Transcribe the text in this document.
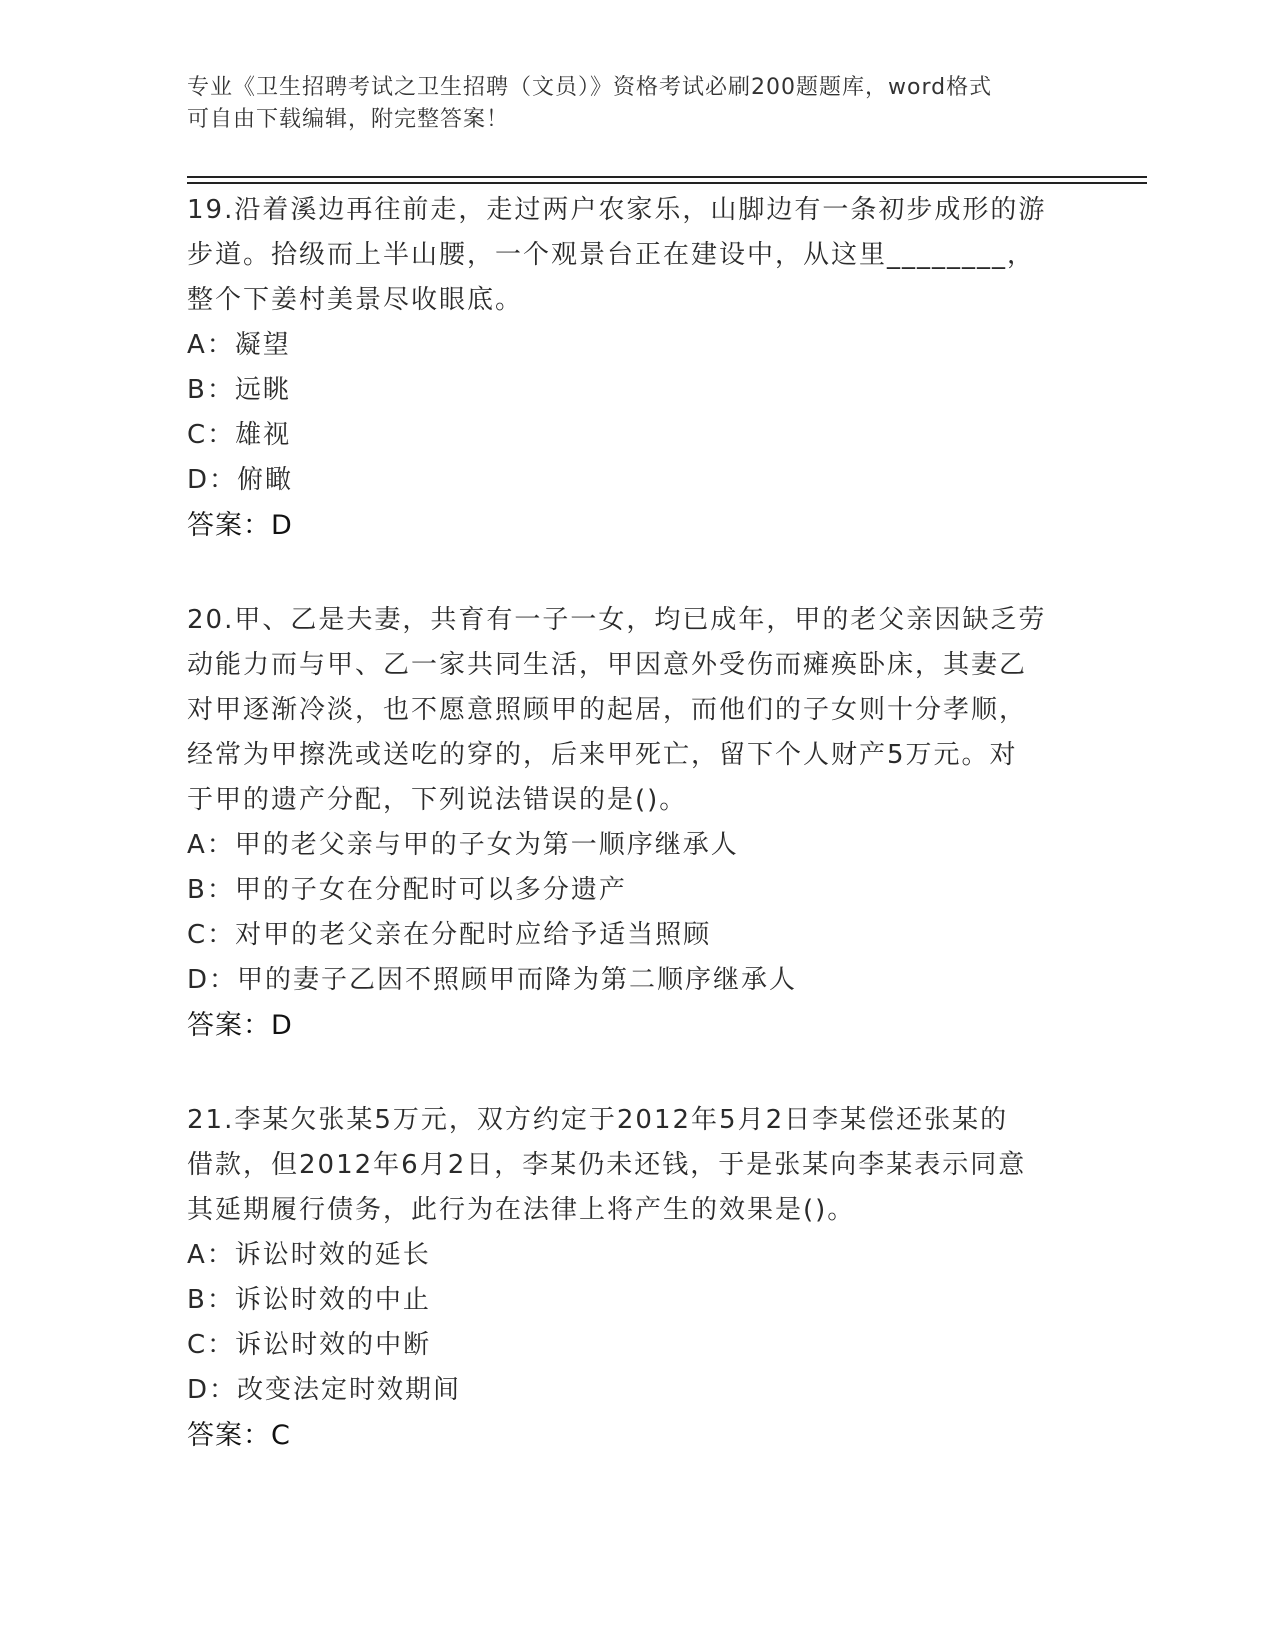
专业《卫生招聘考试之卫生招聘（文员）》资格考试必刷200题题库，word格式
可自由下载编辑，附完整答案！
19.沿着溪边再往前走，走过两户农家乐，山脚边有一条初步成形的游
步道。拾级而上半山腰，一个观景台正在建设中，从这里________，
整个下姜村美景尽收眼底。
A：凝望
B：远眺
C：雄视
D：俯瞰
答案：D
20.甲、乙是夫妻，共育有一子一女，均已成年，甲的老父亲因缺乏劳
动能力而与甲、乙一家共同生活，甲因意外受伤而瘫痪卧床，其妻乙
对甲逐渐冷淡，也不愿意照顾甲的起居，而他们的子女则十分孝顺，
经常为甲擦洗或送吃的穿的，后来甲死亡，留下个人财产5万元。对
于甲的遗产分配，下列说法错误的是()。
A：甲的老父亲与甲的子女为第一顺序继承人
B：甲的子女在分配时可以多分遗产
C：对甲的老父亲在分配时应给予适当照顾
D：甲的妻子乙因不照顾甲而降为第二顺序继承人
答案：D
21.李某欠张某5万元，双方约定于2012年5月2日李某偿还张某的
借款，但2012年6月2日，李某仍未还钱，于是张某向李某表示同意
其延期履行债务，此行为在法律上将产生的效果是()。
A：诉讼时效的延长
B：诉讼时效的中止
C：诉讼时效的中断
D：改变法定时效期间
答案：C
